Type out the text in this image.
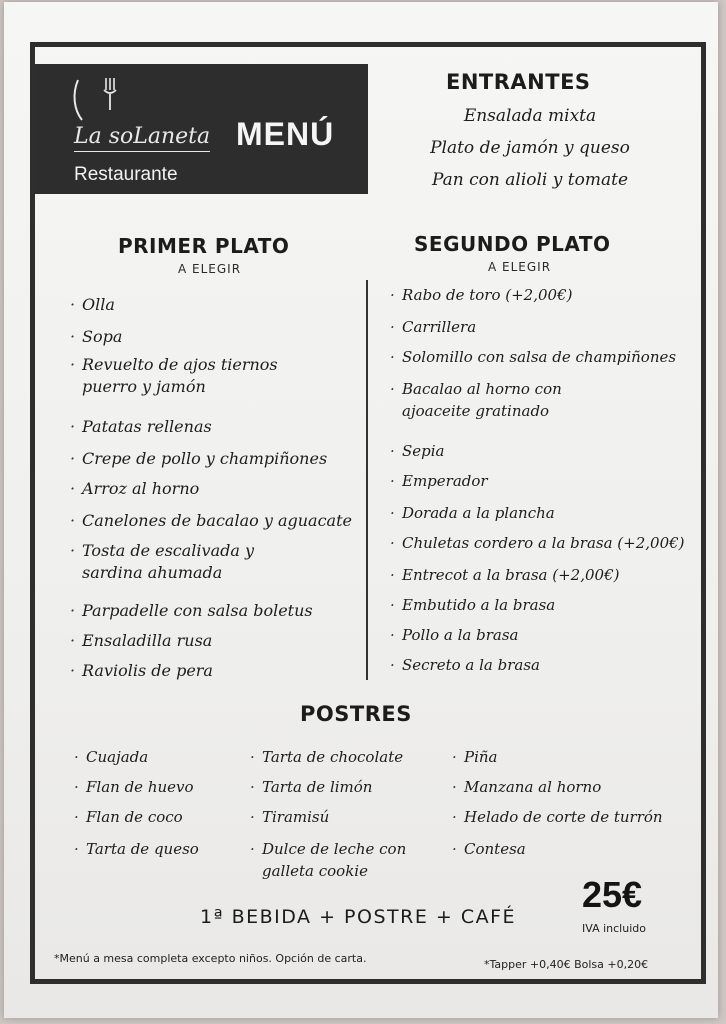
La soLaneta
Restaurante
MENÚ
ENTRANTES
Ensalada mixta
Plato de jamón y queso
Pan con alioli y tomate
PRIMER PLATO
A ELEGIR
· Olla
· Sopa
· Revuelto de ajos tiernos
puerro y jamón
· Patatas rellenas
· Crepe de pollo y champiñones
· Arroz al horno
· Canelones de bacalao y aguacate
· Tosta de escalivada y
sardina ahumada
· Parpadelle con salsa boletus
· Ensaladilla rusa
· Raviolis de pera
SEGUNDO PLATO
A ELEGIR
· Rabo de toro (+2,00€)
· Carrillera
· Solomillo con salsa de champiñones
· Bacalao al horno con
ajoaceite gratinado
· Sepia
· Emperador
· Dorada a la plancha
· Chuletas cordero a la brasa (+2,00€)
· Entrecot a la brasa (+2,00€)
· Embutido a la brasa
· Pollo a la brasa
· Secreto a la brasa
POSTRES
· Cuajada
· Flan de huevo
· Flan de coco
· Tarta de queso
· Tarta de chocolate
· Tarta de limón
· Tiramisú
· Dulce de leche con
galleta cookie
· Piña
· Manzana al horno
· Helado de corte de turrón
· Contesa
1ª BEBIDA + POSTRE + CAFÉ
25€
IVA incluido
*Menú a mesa completa excepto niños. Opción de carta.	*Tapper +0,40€ Bolsa +0,20€
